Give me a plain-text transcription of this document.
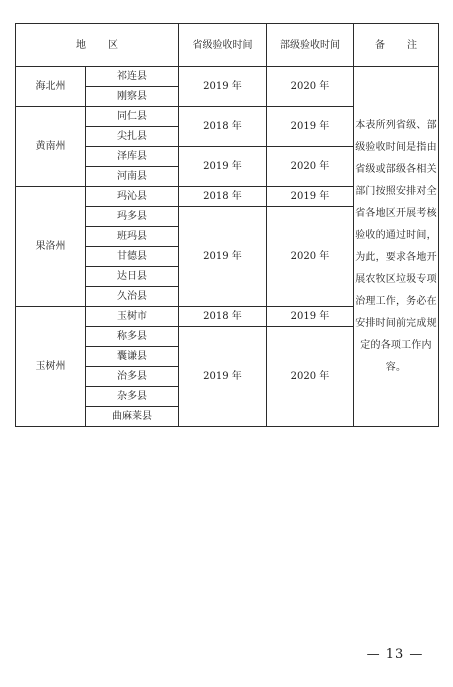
地 区		省级验收时间	部级验收时间	备 注
海北州	祁连县	2019 年	2020 年	本表所列省级、部级验收时间是指由省级或部级各相关部门按照安排对全省各地区开展考核验收的通过时间，为此，要求各地开展农牧区垃圾专项治理工作，务必在安排时间前完成规定的各项工作内容。
	刚察县			
黄南州	同仁县	2018 年	2019 年	
	尖扎县			
	泽库县	2019 年	2020 年	
	河南县			
果洛州	玛沁县	2018 年	2019 年	
	玛多县	2019 年	2020 年	
	班玛县			
	甘德县			
	达日县			
	久治县			
玉树州	玉树市	2018 年	2019 年	
	称多县	2019 年	2020 年	
	囊谦县			
	治多县			
	杂多县			
	曲麻莱县			
— 13 —
